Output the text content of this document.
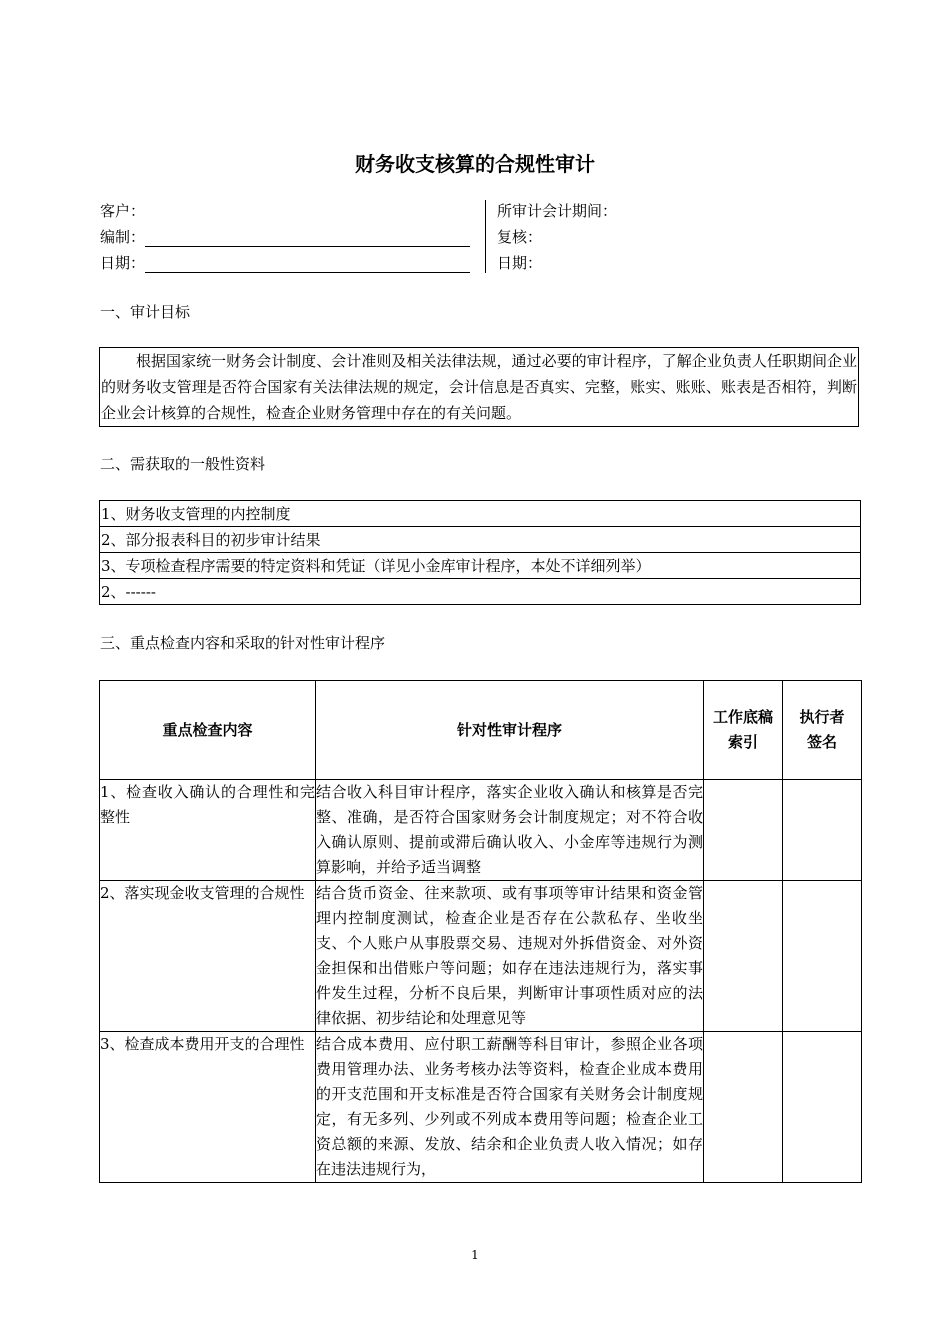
财务收支核算的合规性审计
客户：
编制：
日期：
所审计会计期间：
复核：
日期：
一、审计目标
根据国家统一财务会计制度、会计准则及相关法律法规，通过必要的审计程序，了解企业负责人任职期间企业的财务收支管理是否符合国家有关法律法规的规定，会计信息是否真实、完整，账实、账账、账表是否相符，判断企业会计核算的合规性，检查企业财务管理中存在的有关问题。
二、需获取的一般性资料
1、财务收支管理的内控制度
2、部分报表科目的初步审计结果
3、专项检查程序需要的特定资料和凭证（详见小金库审计程序，本处不详细列举）
2、------
三、重点检查内容和采取的针对性审计程序
重点检查内容	针对性审计程序	工作底稿索引	执行者签名
1、检查收入确认的合理性和完整性	结合收入科目审计程序，落实企业收入确认和核算是否完整、准确，是否符合国家财务会计制度规定；对不符合收入确认原则、提前或滞后确认收入、小金库等违规行为测算影响，并给予适当调整		
2、落实现金收支管理的合规性	结合货币资金、往来款项、或有事项等审计结果和资金管理内控制度测试，检查企业是否存在公款私存、坐收坐支、个人账户从事股票交易、违规对外拆借资金、对外资金担保和出借账户等问题；如存在违法违规行为，落实事件发生过程，分析不良后果，判断审计事项性质对应的法律依据、初步结论和处理意见等		
3、检查成本费用开支的合理性	结合成本费用、应付职工薪酬等科目审计，参照企业各项费用管理办法、业务考核办法等资料，检查企业成本费用的开支范围和开支标准是否符合国家有关财务会计制度规定，有无多列、少列或不列成本费用等问题；检查企业工资总额的来源、发放、结余和企业负责人收入情况；如存在违法违规行为，		
1
